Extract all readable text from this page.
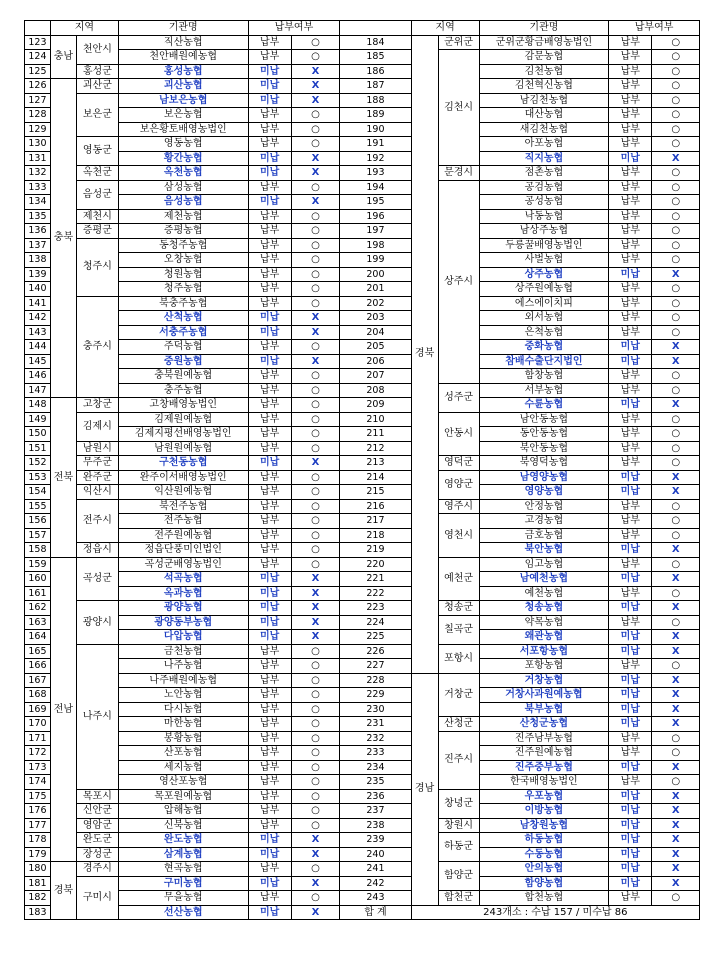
	지역		기관명	납부여부			지역		기관명	납부여부	
123	충남	천안시	직산농협	납부	○	184	경북	군위군	군위군황금배영농법인	납부	○
124			천안배원예농협	납부	○	185		김천시	감문농협	납부	○
125		홍성군	홍성농협	미납	X	186			김천농협	납부	○
126	충북	괴산군	괴산농협	미납	X	187			김천혁신농협	납부	○
127		보은군	남보은농협	미납	X	188			남김천농협	납부	○
128			보은농협	납부	○	189			대산농협	납부	○
129			보은황토배영농법인	납부	○	190			새김천농협	납부	○
130		영동군	영동농협	납부	○	191			아포농협	납부	○
131			황간농협	미납	X	192			직지농협	미납	X
132		옥천군	옥천농협	미납	X	193		문경시	점촌농협	납부	○
133		음성군	삼성농협	납부	○	194		상주시	공검농협	납부	○
134			음성농협	미납	X	195			공성농협	납부	○
135		제천시	제천농협	납부	○	196			낙동농협	납부	○
136		증평군	증평농협	납부	○	197			남상주농협	납부	○
137		청주시	동청주농협	납부	○	198			두릉꿀배영농법인	납부	○
138			오창농협	납부	○	199			사벌농협	납부	○
139			청원농협	납부	○	200			상주농협	미납	X
140			청주농협	납부	○	201			상주원예농협	납부	○
141		충주시	북충주농협	납부	○	202			에스에이치피	납부	○
142			산척농협	미납	X	203			외서농협	납부	○
143			서충주농협	미납	X	204			은척농협	납부	○
144			주덕농협	납부	○	205			중화농협	미납	X
145			중원농협	미납	X	206			참배수출단지법인	미납	X
146			충북원예농협	납부	○	207			함창농협	납부	○
147			충주농협	납부	○	208		성주군	서부농협	납부	○
148	전북	고창군	고창배영농법인	납부	○	209			수륜농협	미납	X
149		김제시	김제원예농협	납부	○	210		안동시	남안동농협	납부	○
150			김제지평선배영농법인	납부	○	211			동안동농협	납부	○
151		남원시	남원원예농협	납부	○	212			북안동농협	납부	○
152		무주군	구천동농협	미납	X	213		영덕군	북영덕농협	납부	○
153		완주군	완주이서배영농법인	납부	○	214		영양군	남영양농협	미납	X
154		익산시	익산원예농협	납부	○	215			영양농협	미납	X
155		전주시	북전주농협	납부	○	216		영주시	안정농협	납부	○
156			전주농협	납부	○	217		영천시	고경농협	납부	○
157			전주원예농협	납부	○	218			금호농협	납부	○
158		정읍시	정읍단풍미인법인	납부	○	219			북안농협	미납	X
159	전남	곡성군	곡성군배영농법인	납부	○	220		예천군	임고농협	납부	○
160			석곡농협	미납	X	221			남예천농협	미납	X
161			옥과농협	미납	X	222			예천농협	납부	○
162		광양시	광양농협	미납	X	223		청송군	청송농협	미납	X
163			광양동부농협	미납	X	224		칠곡군	약목농협	납부	○
164			다압농협	미납	X	225			왜관농협	미납	X
165		나주시	금천농협	납부	○	226		포항시	서포항농협	미납	X
166			나주농협	납부	○	227			포항농협	납부	○
167			나주배원예농협	납부	○	228	경남	거창군	거창농협	미납	X
168			노안농협	납부	○	229			거창사과원예농협	미납	X
169			다시농협	납부	○	230			북부농협	미납	X
170			마한농협	납부	○	231		산청군	산청군농협	미납	X
171			봉황농협	납부	○	232		진주시	진주남부농협	납부	○
172			산포농협	납부	○	233			진주원예농협	납부	○
173			세지농협	납부	○	234			진주중부농협	미납	X
174			영산포농협	납부	○	235			한국배영농법인	납부	○
175		목포시	목포원예농협	납부	○	236		창녕군	우포농협	미납	X
176		신안군	압해농협	납부	○	237			이방농협	미납	X
177		영암군	신북농협	납부	○	238		창원시	남창원농협	미납	X
178		완도군	완도농협	미납	X	239		하동군	하동농협	미납	X
179		장성군	삼계농협	미납	X	240			수동농협	미납	X
180	경북	경주시	현곡농협	납부	○	241		함양군	안의농협	미납	X
181		구미시	구미농협	미납	X	242			함양농협	미납	X
182			무을농협	납부	○	243		합천군	합천농협	납부	○
183			선산농협	미납	X	합 계	243개소 : 수납 157 / 미수납 86				
